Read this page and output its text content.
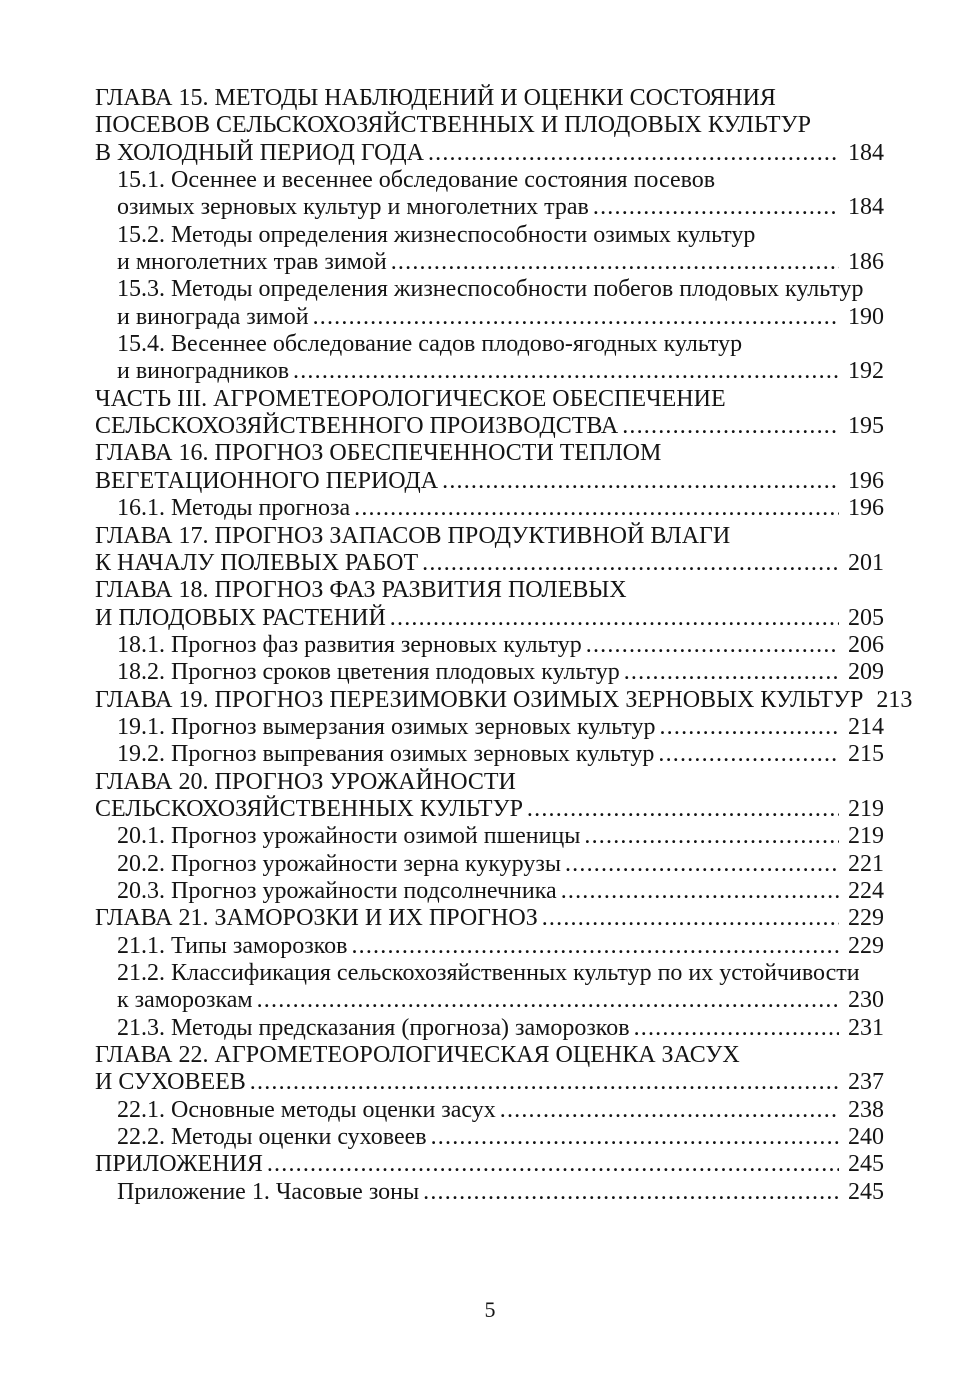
ГЛАВА 15. МЕТОДЫ НАБЛЮДЕНИЙ И ОЦЕНКИ СОСТОЯНИЯ
ПОСЕВОВ СЕЛЬСКОХОЗЯЙСТВЕННЫХ И ПЛОДОВЫХ КУЛЬТУР
В ХОЛОДНЫЙ ПЕРИОД ГОДА .....	184
15.1. Осеннее и весеннее обследование состояния посевов
озимых зерновых культур и многолетних трав .....	184
15.2. Методы определения жизнеспособности озимых культур
и многолетних трав зимой .....	186
15.3. Методы определения жизнеспособности побегов плодовых культур
и винограда зимой .....	190
15.4. Весеннее обследование садов плодово-ягодных культур
и виноградников .....	192
ЧАСТЬ III. АГРОМЕТЕОРОЛОГИЧЕСКОЕ ОБЕСПЕЧЕНИЕ
СЕЛЬСКОХОЗЯЙСТВЕННОГО ПРОИЗВОДСТВА .....	195
ГЛАВА 16. ПРОГНОЗ ОБЕСПЕЧЕННОСТИ ТЕПЛОМ
ВЕГЕТАЦИОННОГО ПЕРИОДА .....	196
16.1. Методы прогноза .....	196
ГЛАВА 17. ПРОГНОЗ ЗАПАСОВ ПРОДУКТИВНОЙ ВЛАГИ
К НАЧАЛУ ПОЛЕВЫХ РАБОТ .....	201
ГЛАВА 18. ПРОГНОЗ ФАЗ РАЗВИТИЯ ПОЛЕВЫХ
И ПЛОДОВЫХ РАСТЕНИЙ .....	205
18.1. Прогноз фаз развития зерновых культур .....	206
18.2. Прогноз сроков цветения плодовых культур .....	209
ГЛАВА 19. ПРОГНОЗ ПЕРЕЗИМОВКИ ОЗИМЫХ ЗЕРНОВЫХ КУЛЬТУР 213
19.1. Прогноз вымерзания озимых зерновых культур .....	214
19.2. Прогноз выпревания озимых зерновых культур .....	215
ГЛАВА 20. ПРОГНОЗ УРОЖАЙНОСТИ
СЕЛЬСКОХОЗЯЙСТВЕННЫХ КУЛЬТУР .....	219
20.1. Прогноз урожайности озимой пшеницы .....	219
20.2. Прогноз урожайности зерна кукурузы .....	221
20.3. Прогноз урожайности подсолнечника .....	224
ГЛАВА 21. ЗАМОРОЗКИ И ИХ ПРОГНОЗ .....	229
21.1. Типы заморозков .....	229
21.2. Классификация сельскохозяйственных культур по их устойчивости
к заморозкам .....	230
21.3. Методы предсказания (прогноза) заморозков .....	231
ГЛАВА 22. АГРОМЕТЕОРОЛОГИЧЕСКАЯ ОЦЕНКА ЗАСУХ
И СУХОВЕЕВ .....	237
22.1. Основные методы оценки засух .....	238
22.2. Методы оценки суховеев .....	240
ПРИЛОЖЕНИЯ .....	245
Приложение 1. Часовые зоны .....	245
5
